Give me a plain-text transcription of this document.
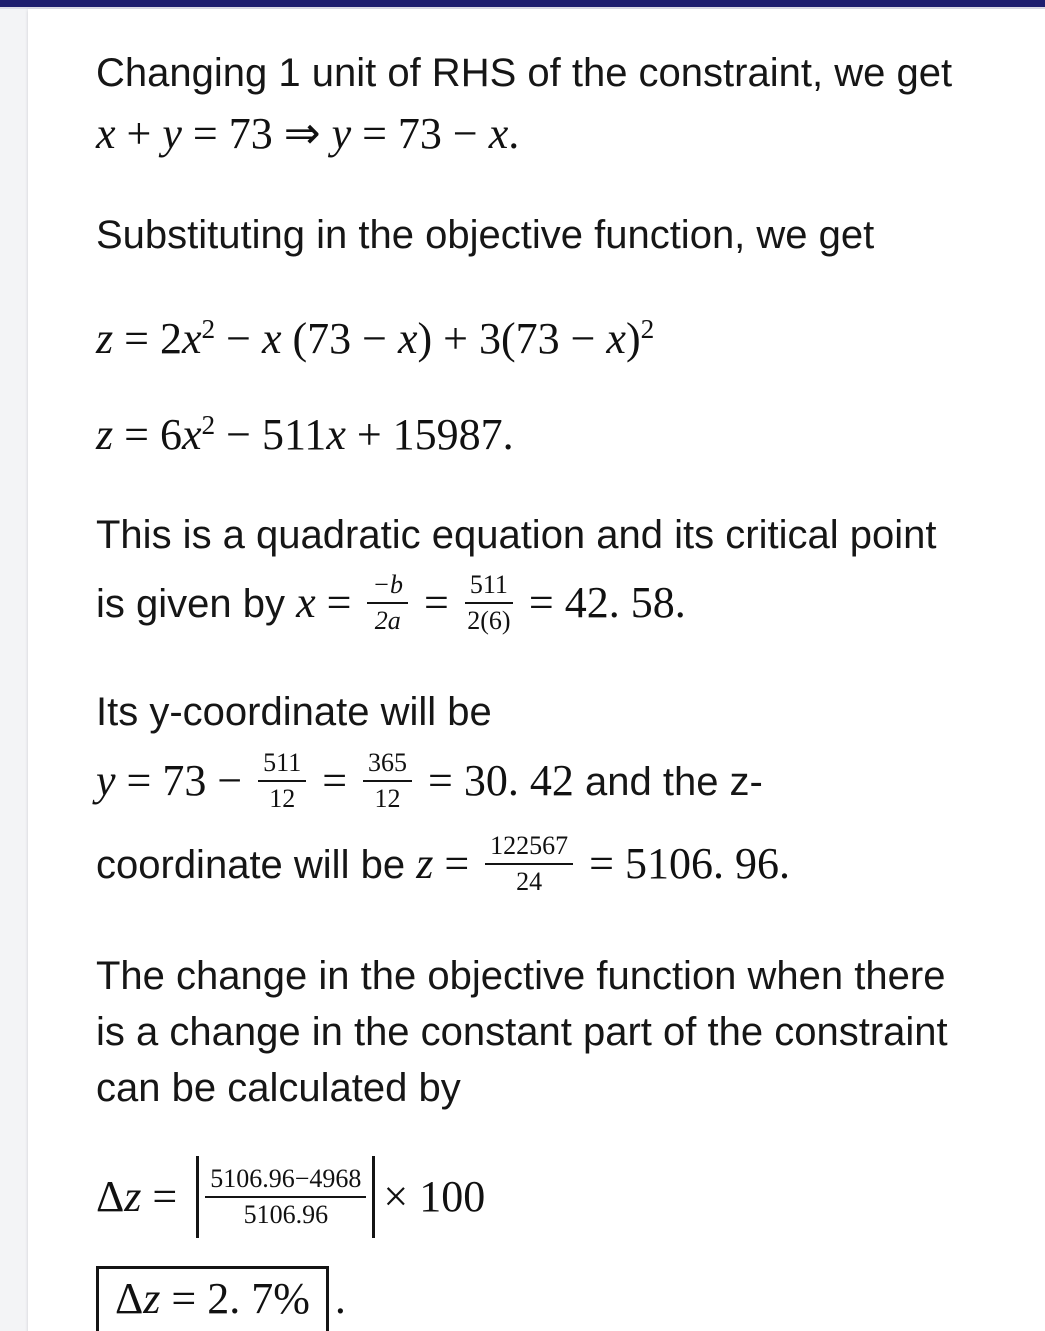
Changing 1 unit of RHS of the constraint, we get
x + y = 73 ⇒ y = 73 − x.

Substituting in the objective function, we get

$z = 2x^2 - x$ $(73 - x) + 3(73 - x)^2$
$z = 6x^2 - 511x + 15987$.

This is a quadratic equation and its critical point
is given by $x = \frac{-b}{2a} = \frac{511}{2(6)} = 42$. 58.

Its y-coordinate will be
$y = 73 - \frac{511}{12} = \frac{365}{12} = 30$. 42 and the z-
coordinate will be $z = \frac{122567}{24} = 5106$. 96.

The change in the objective function when there
is a change in the constant part of the constraint
can be calculated by

$\Delta z = \frac{5106.96-4968}{5106.96} \times 100$
Δz = 2. 7% .
